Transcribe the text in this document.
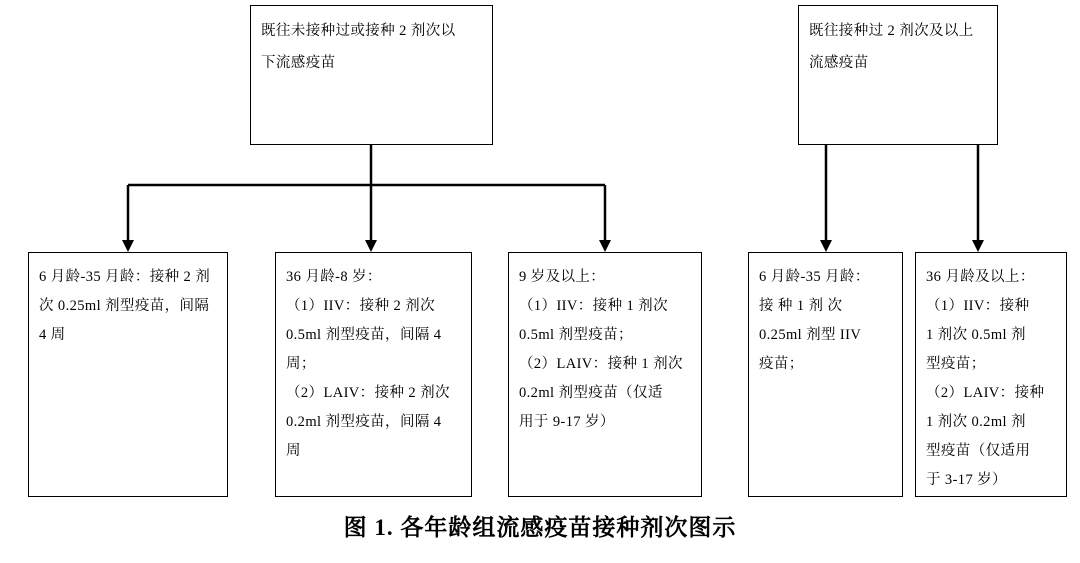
既往未接种过或接种 2 剂次以

下流感疫苗

既往接种过 2 剂次及以上

流感疫苗

6 月龄-35 月龄：接种 2 剂

次 0.25ml 剂型疫苗，间隔

4 周

36 月龄-8 岁：

（1）IIV：接种 2 剂次

0.5ml 剂型疫苗，间隔 4

周；

（2）LAIV：接种 2 剂次

0.2ml 剂型疫苗，间隔 4

周

9 岁及以上：

（1）IIV：接种 1 剂次

0.5ml 剂型疫苗；

（2）LAIV：接种 1 剂次

0.2ml 剂型疫苗（仅适

用于 9-17 岁）

6 月龄-35 月龄：

接 种 1 剂 次

0.25ml 剂型 IIV

疫苗；

36 月龄及以上：

（1）IIV：接种

1 剂次 0.5ml 剂

型疫苗；

（2）LAIV：接种

1 剂次 0.2ml 剂

型疫苗（仅适用

于 3-17 岁）

图 1. 各年龄组流感疫苗接种剂次图示
